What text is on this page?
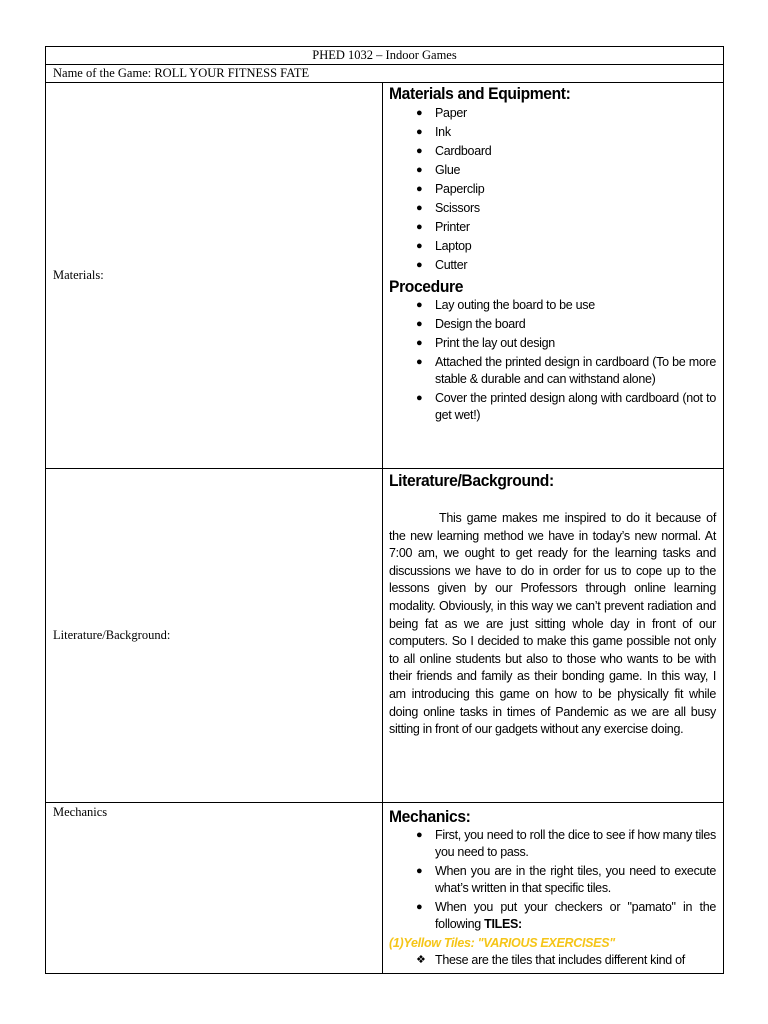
PHED 1032 – Indoor Games
Name of the Game: ROLL YOUR FITNESS FATE
Materials:
Materials and Equipment:
● Paper
● Ink
● Cardboard
● Glue
● Paperclip
● Scissors
● Printer
● Laptop
● Cutter
Procedure
● Lay outing the board to be use
● Design the board
● Print the lay out design
● Attached the printed design in cardboard (To be more stable & durable and can withstand alone)
● Cover the printed design along with cardboard (not to get wet!)
Literature/Background:
Literature/Background:

This game makes me inspired to do it because of the new learning method we have in today’s new normal. At 7:00 am, we ought to get ready for the learning tasks and discussions we have to do in order for us to cope up to the lessons given by our Professors through online learning modality. Obviously, in this way we can’t prevent radiation and being fat as we are just sitting whole day in front of our computers. So I decided to make this game possible not only to all online students but also to those who wants to be with their friends and family as their bonding game. In this way, I am introducing this game on how to be physically fit while doing online tasks in times of Pandemic as we are all busy sitting in front of our gadgets without any exercise doing.

Mechanics	Mechanics:
● First, you need to roll the dice to see if how many tiles you need to pass.
● When you are in the right tiles, you need to execute what’s written in that specific tiles.
● When you put your checkers or "pamato" in the following TILES:
(1)Yellow Tiles: "VARIOUS EXERCISES"
❖ These are the tiles that includes different kind of
